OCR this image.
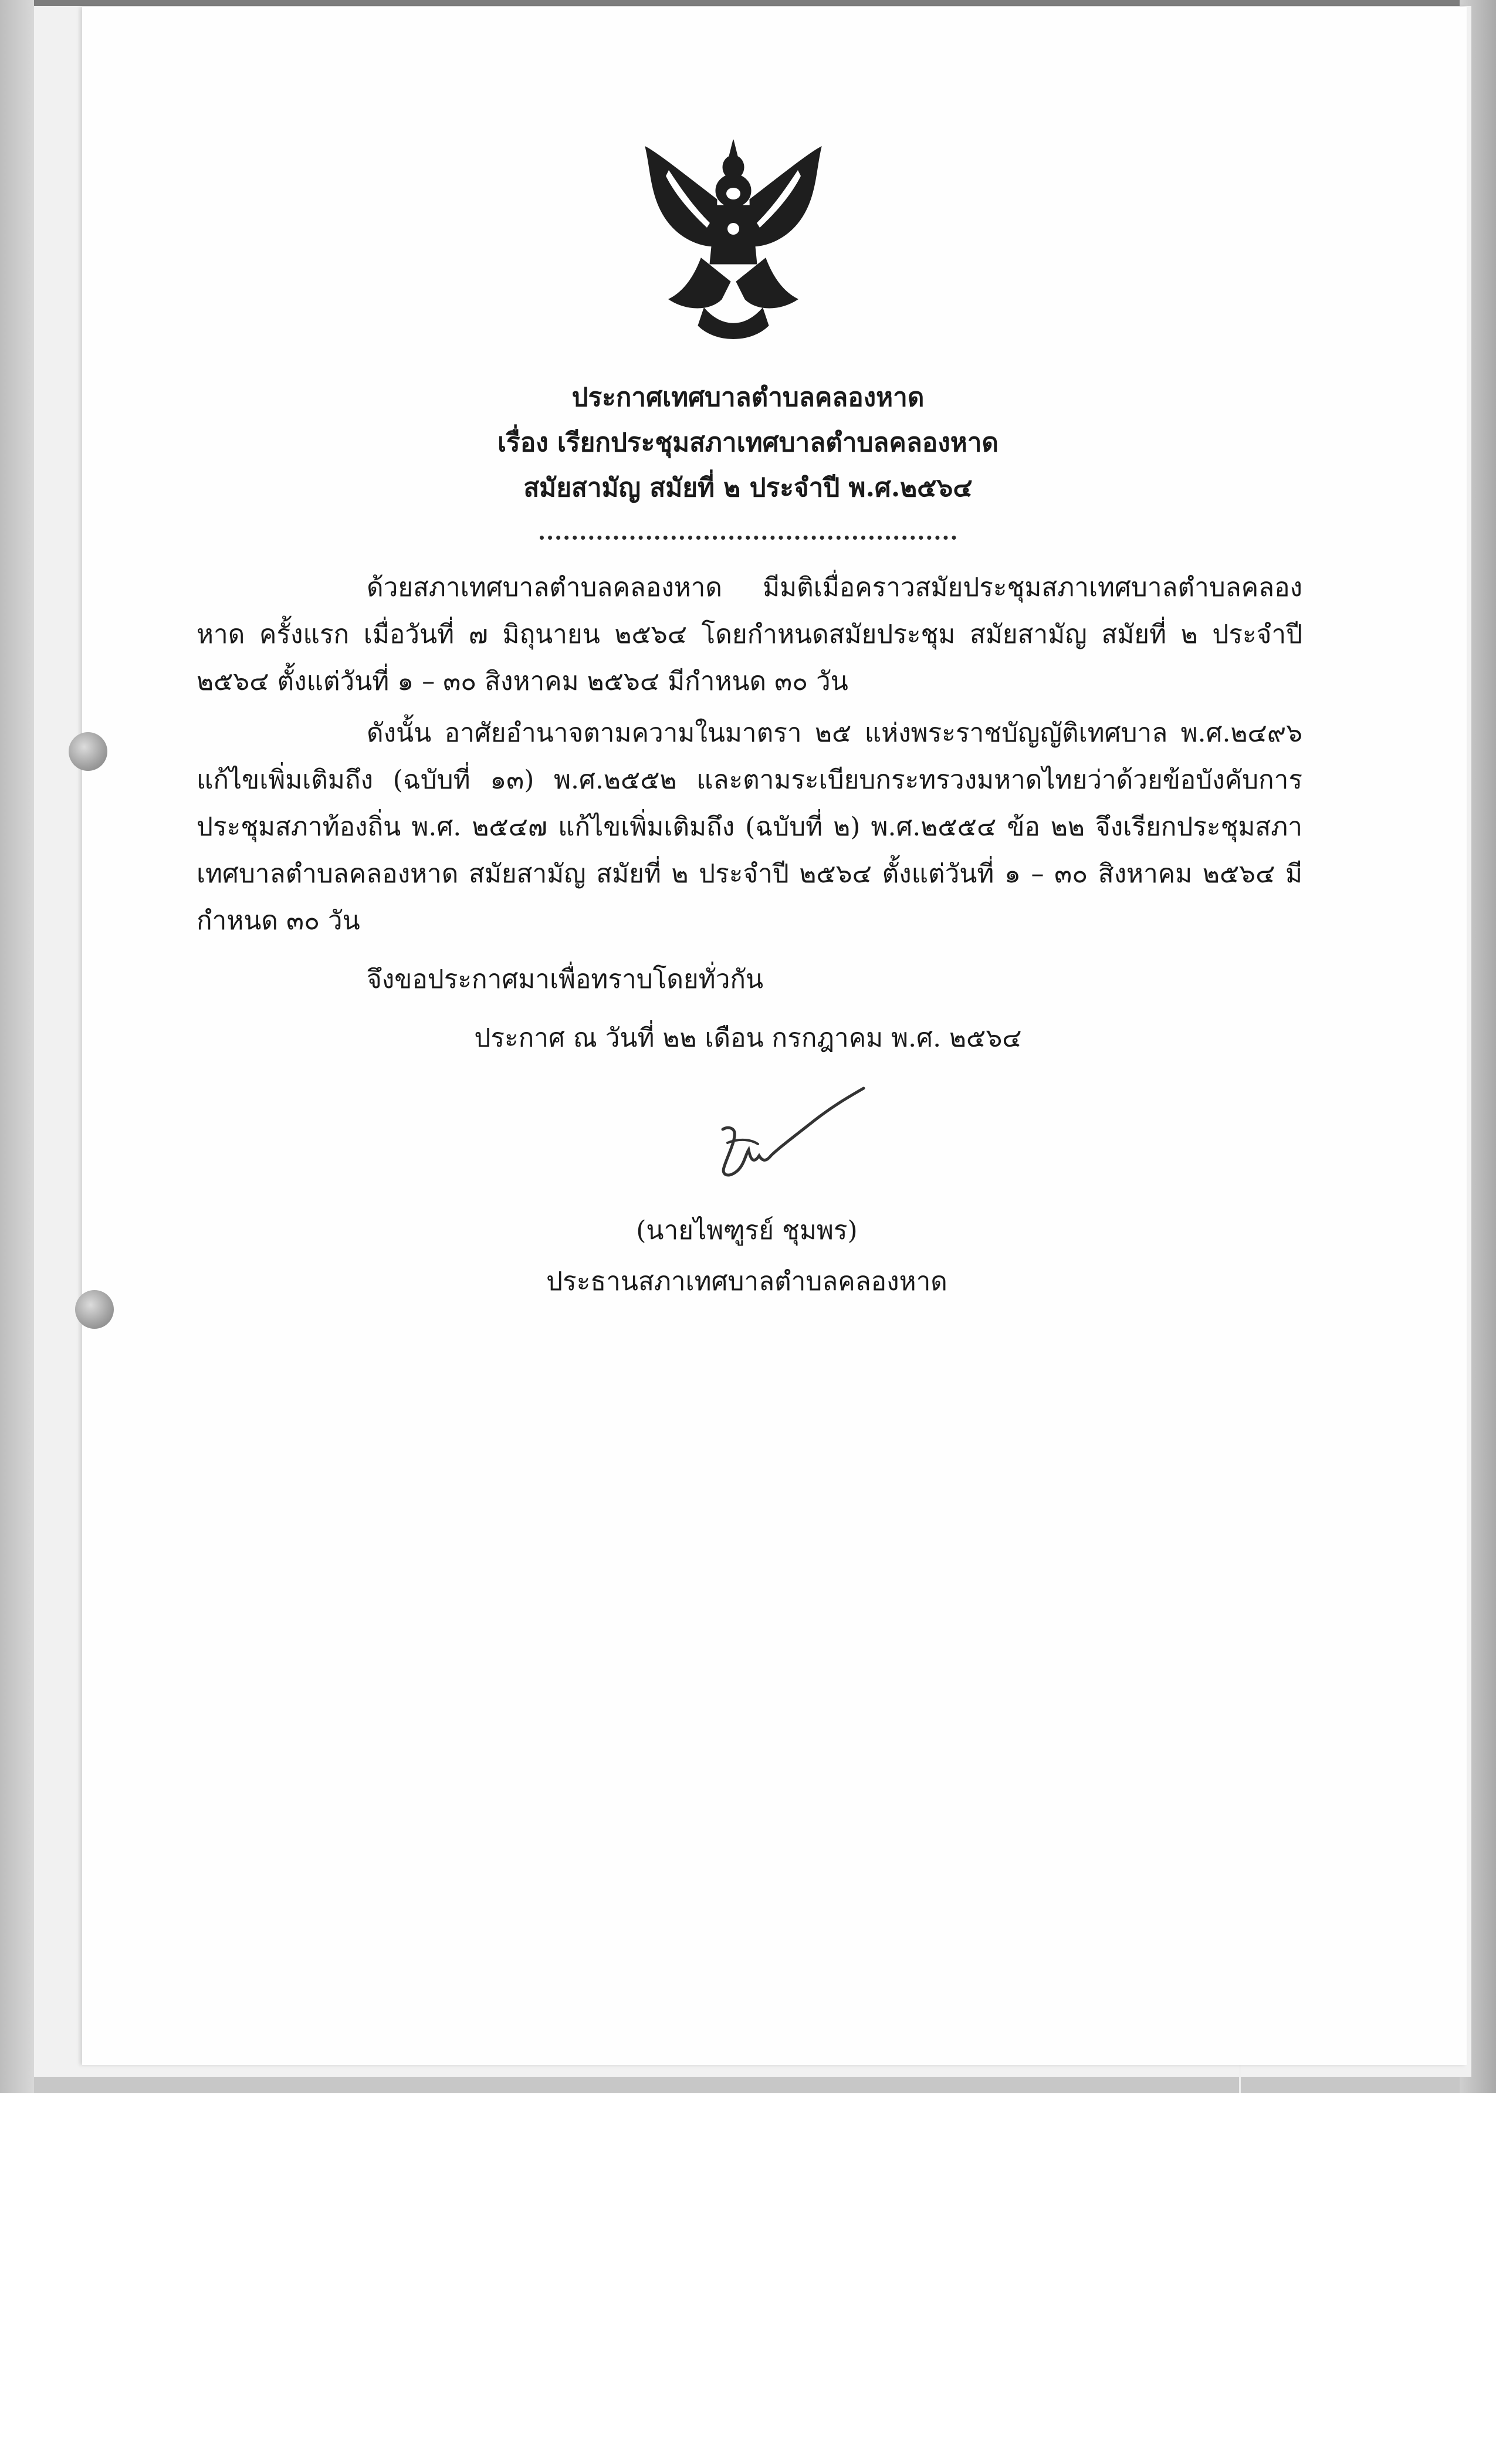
ประกาศเทศบาลตำบลคลองหาด
เรื่อง เรียกประชุมสภาเทศบาลตำบลคลองหาด
สมัยสามัญ สมัยที่ ๒ ประจำปี พ.ศ.๒๕๖๔
ด้วยสภาเทศบาลตำบลคลองหาด มีมติเมื่อคราวสมัยประชุมสภาเทศบาลตำบลคลองหาด ครั้งแรก เมื่อวันที่ ๗ มิถุนายน ๒๕๖๔ โดยกำหนดสมัยประชุม สมัยสามัญ สมัยที่ ๒ ประจำปี ๒๕๖๔ ตั้งแต่วันที่ ๑ – ๓๐ สิงหาคม ๒๕๖๔ มีกำหนด ๓๐ วัน
ดังนั้น อาศัยอำนาจตามความในมาตรา ๒๕ แห่งพระราชบัญญัติเทศบาล พ.ศ.๒๔๙๖ แก้ไขเพิ่มเติมถึง (ฉบับที่ ๑๓) พ.ศ.๒๕๕๒ และตามระเบียบกระทรวงมหาดไทยว่าด้วยข้อบังคับการประชุมสภาท้องถิ่น พ.ศ. ๒๕๔๗ แก้ไขเพิ่มเติมถึง (ฉบับที่ ๒) พ.ศ.๒๕๕๔ ข้อ ๒๒ จึงเรียกประชุมสภาเทศบาลตำบลคลองหาด สมัยสามัญ สมัยที่ ๒ ประจำปี ๒๕๖๔ ตั้งแต่วันที่ ๑ – ๓๐ สิงหาคม ๒๕๖๔ มีกำหนด ๓๐ วัน
จึงขอประกาศมาเพื่อทราบโดยทั่วกัน
ประกาศ ณ วันที่ ๒๒ เดือน กรกฎาคม พ.ศ. ๒๕๖๔
(นายไพฑูรย์ ชุมพร)
ประธานสภาเทศบาลตำบลคลองหาด
